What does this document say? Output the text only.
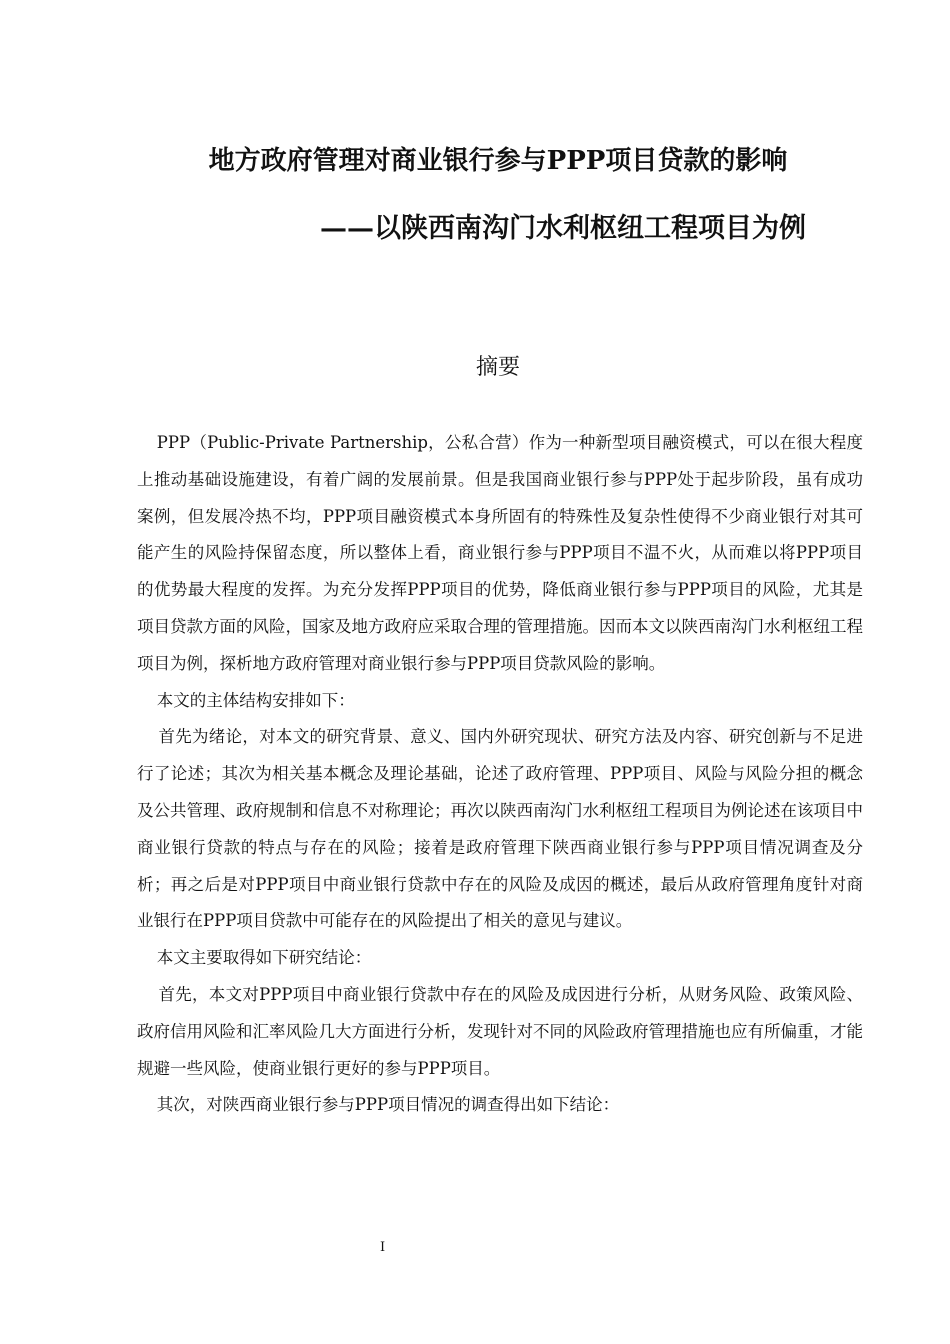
地方政府管理对商业银行参与PPP项目贷款的影响
——以陕西南沟门水利枢纽工程项目为例
摘要

PPP（Public-Private Partnership，公私合营）作为一种新型项目融资模式，可以在很大程度上推动基础设施建设，有着广阔的发展前景。但是我国商业银行参与PPP处于起步阶段，虽有成功案例，但发展冷热不均，PPP项目融资模式本身所固有的特殊性及复杂性使得不少商业银行对其可能产生的风险持保留态度，所以整体上看，商业银行参与PPP项目不温不火，从而难以将PPP项目的优势最大程度的发挥。为充分发挥PPP项目的优势，降低商业银行参与PPP项目的风险，尤其是项目贷款方面的风险，国家及地方政府应采取合理的管理措施。因而本文以陕西南沟门水利枢纽工程项目为例，探析地方政府管理对商业银行参与PPP项目贷款风险的影响。

本文的主体结构安排如下：

首先为绪论，对本文的研究背景、意义、国内外研究现状、研究方法及内容、研究创新与不足进行了论述；其次为相关基本概念及理论基础，论述了政府管理、PPP项目、风险与风险分担的概念及公共管理、政府规制和信息不对称理论；再次以陕西南沟门水利枢纽工程项目为例论述在该项目中商业银行贷款的特点与存在的风险；接着是政府管理下陕西商业银行参与PPP项目情况调查及分析；再之后是对PPP项目中商业银行贷款中存在的风险及成因的概述，最后从政府管理角度针对商业银行在PPP项目贷款中可能存在的风险提出了相关的意见与建议。

本文主要取得如下研究结论：

首先，本文对PPP项目中商业银行贷款中存在的风险及成因进行分析，从财务风险、政策风险、政府信用风险和汇率风险几大方面进行分析，发现针对不同的风险政府管理措施也应有所偏重，才能规避一些风险，使商业银行更好的参与PPP项目。

其次，对陕西商业银行参与PPP项目情况的调查得出如下结论：

I
